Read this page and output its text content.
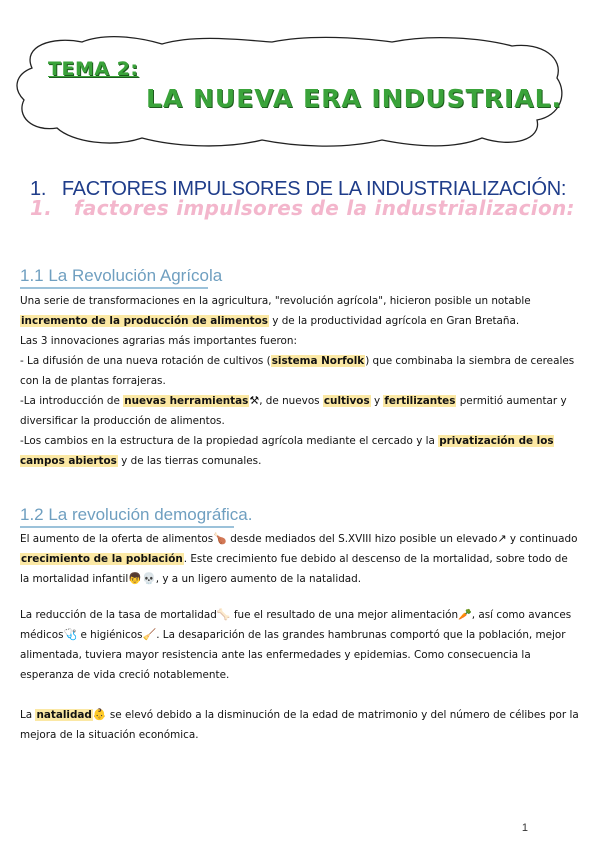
TEMA 2:
LA NUEVA ERA INDUSTRIAL.
1.   factores impulsores de la industrializacion:
1.   FACTORES IMPULSORES DE LA INDUSTRIALIZACIÓN:
1.1 La Revolución Agrícola
Una serie de transformaciones en la agricultura, "revolución agrícola", hicieron posible un notable incremento de la producción de alimentos y de la productividad agrícola en Gran Bretaña.
Las 3 innovaciones agrarias más importantes fueron:
- La difusión de una nueva rotación de cultivos (sistema Norfolk) que combinaba la siembra de cereales con la de plantas forrajeras.
-La introducción de nuevas herramientas⚒, de nuevos cultivos y fertilizantes permitió aumentar y diversificar la producción de alimentos.
-Los cambios en la estructura de la propiedad agrícola mediante el cercado y la privatización de los campos abiertos y de las tierras comunales.
1.2 La revolución demográfica.
El aumento de la oferta de alimentos🍗 desde mediados del S.XVIII hizo posible un elevado↗ y continuado crecimiento de la población. Este crecimiento fue debido al descenso de la mortalidad, sobre todo de la mortalidad infantil👦💀, y a un ligero aumento de la natalidad.
La reducción de la tasa de mortalidad🦴 fue el resultado de una mejor alimentación🥕, así como avances médicos🩺 e higiénicos🧹. La desaparición de las grandes hambrunas comportó que la población, mejor alimentada, tuviera mayor resistencia ante las enfermedades y epidemias. Como consecuencia la esperanza de vida creció notablemente.
La natalidad👶 se elevó debido a la disminución de la edad de matrimonio y del número de célibes por la mejora de la situación económica.
1
